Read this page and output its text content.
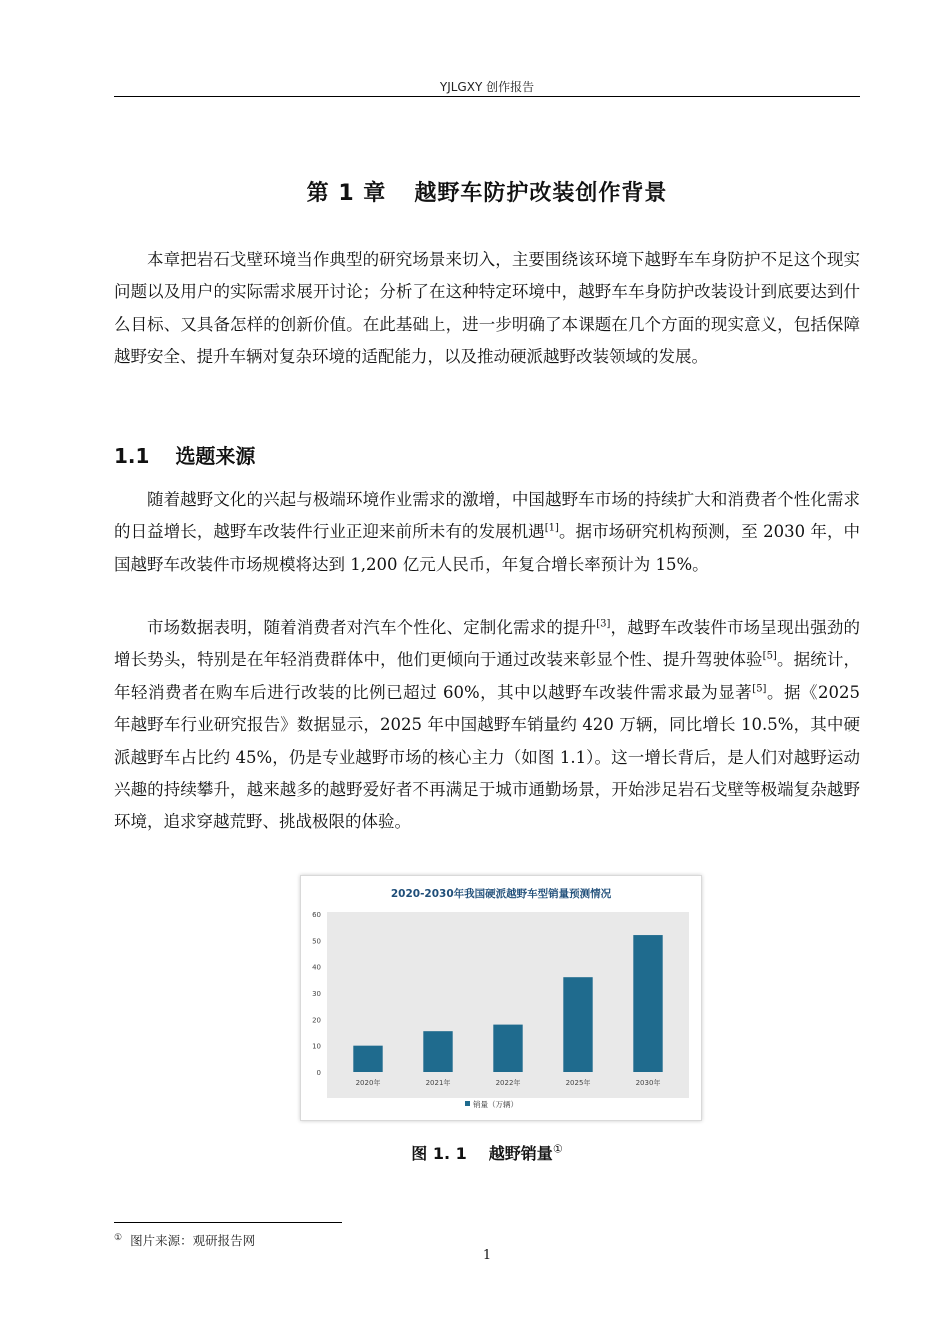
YJLGXY 创作报告
第 1 章 越野车防护改装创作背景

本章把岩石戈壁环境当作典型的研究场景来切入，主要围绕该环境下越野车车身防护不足这个现实问题以及用户的实际需求展开讨论；分析了在这种特定环境中，越野车车身防护改装设计到底要达到什么目标、又具备怎样的创新价值。在此基础上，进一步明确了本课题在几个方面的现实意义，包括保障越野安全、提升车辆对复杂环境的适配能力，以及推动硬派越野改装领域的发展。

1.1 选题来源

随着越野文化的兴起与极端环境作业需求的激增，中国越野车市场的持续扩大和消费者个性化需求的日益增长，越野车改装件行业正迎来前所未有的发展机遇[1]。据市场研究机构预测，至 2030 年，中国越野车改装件市场规模将达到 1,200 亿元人民币，年复合增长率预计为 15%。

市场数据表明，随着消费者对汽车个性化、定制化需求的提升[3]，越野车改装件市场呈现出强劲的增长势头，特别是在年轻消费群体中，他们更倾向于通过改装来彰显个性、提升驾驶体验[5]。据统计，年轻消费者在购车后进行改装的比例已超过 60%，其中以越野车改装件需求最为显著[5]。据《2025 年越野车行业研究报告》数据显示，2025 年中国越野车销量约 420 万辆，同比增长 10.5%，其中硬派越野车占比约 45%，仍是专业越野市场的核心主力（如图 1.1）。这一增长背后，是人们对越野运动兴趣的持续攀升，越来越多的越野爱好者不再满足于城市通勤场景，开始涉足岩石戈壁等极端复杂越野环境，追求穿越荒野、挑战极限的体验。

2020-2030年我国硬派越野车型销量预测情况
0
10
20
30
40
50
60
2020年	2021年	2022年	2025年	2030年
销量（万辆）
图 1. 1 越野销量①
① 图片来源：观研报告网
1
